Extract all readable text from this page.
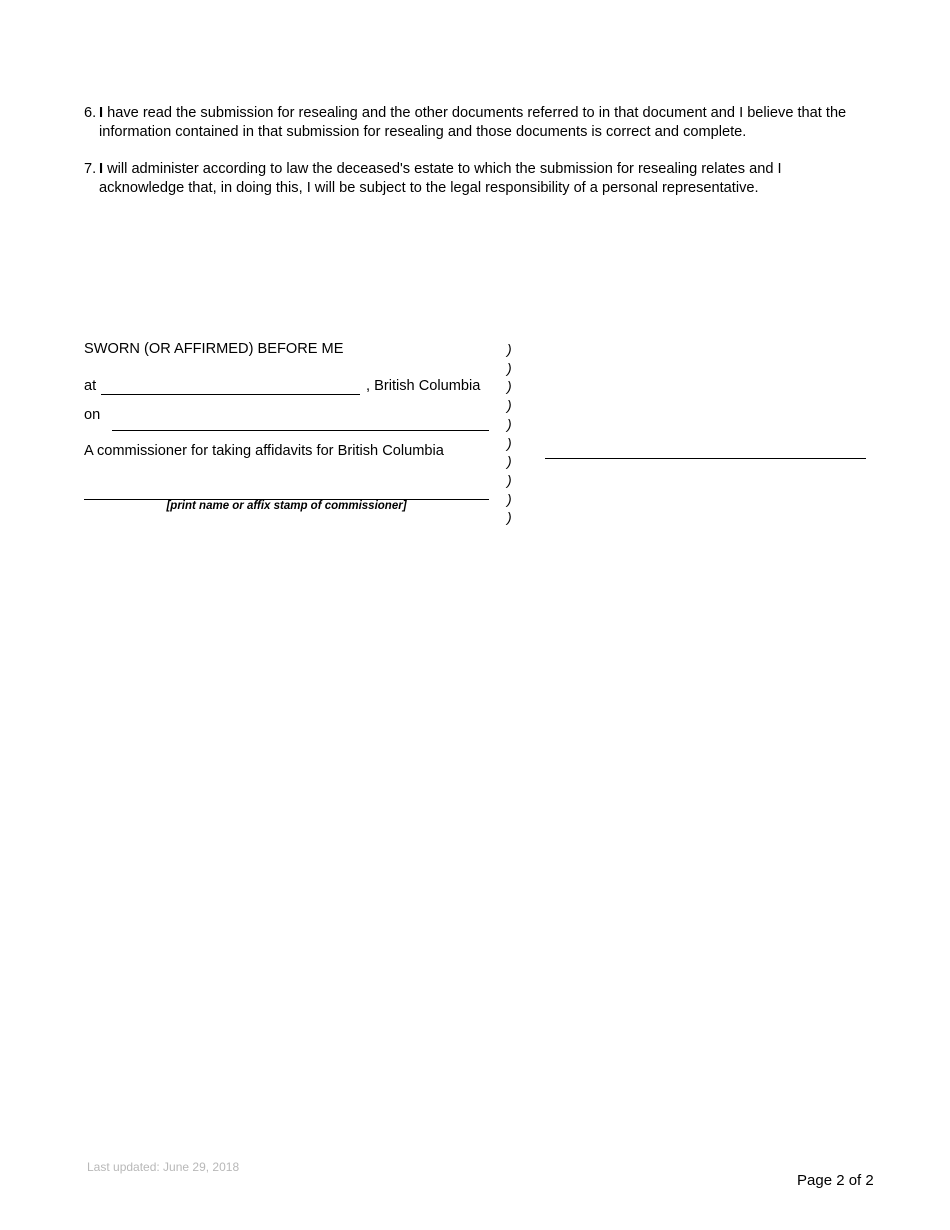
6. I have read the submission for resealing and the other documents referred to in that document and I believe that the information contained in that submission for resealing and those documents is correct and complete.
7. I will administer according to law the deceased's estate to which the submission for resealing relates and I acknowledge that, in doing this, I will be subject to the legal responsibility of a personal representative.
SWORN (OR AFFIRMED) BEFORE ME
at	, British Columbia
on
A commissioner for taking affidavits for British Columbia
[print name or affix stamp of commissioner]
)
)
)
)
)
)
)
)
)
)
Last updated: June 29, 2018
Page 2 of 2
